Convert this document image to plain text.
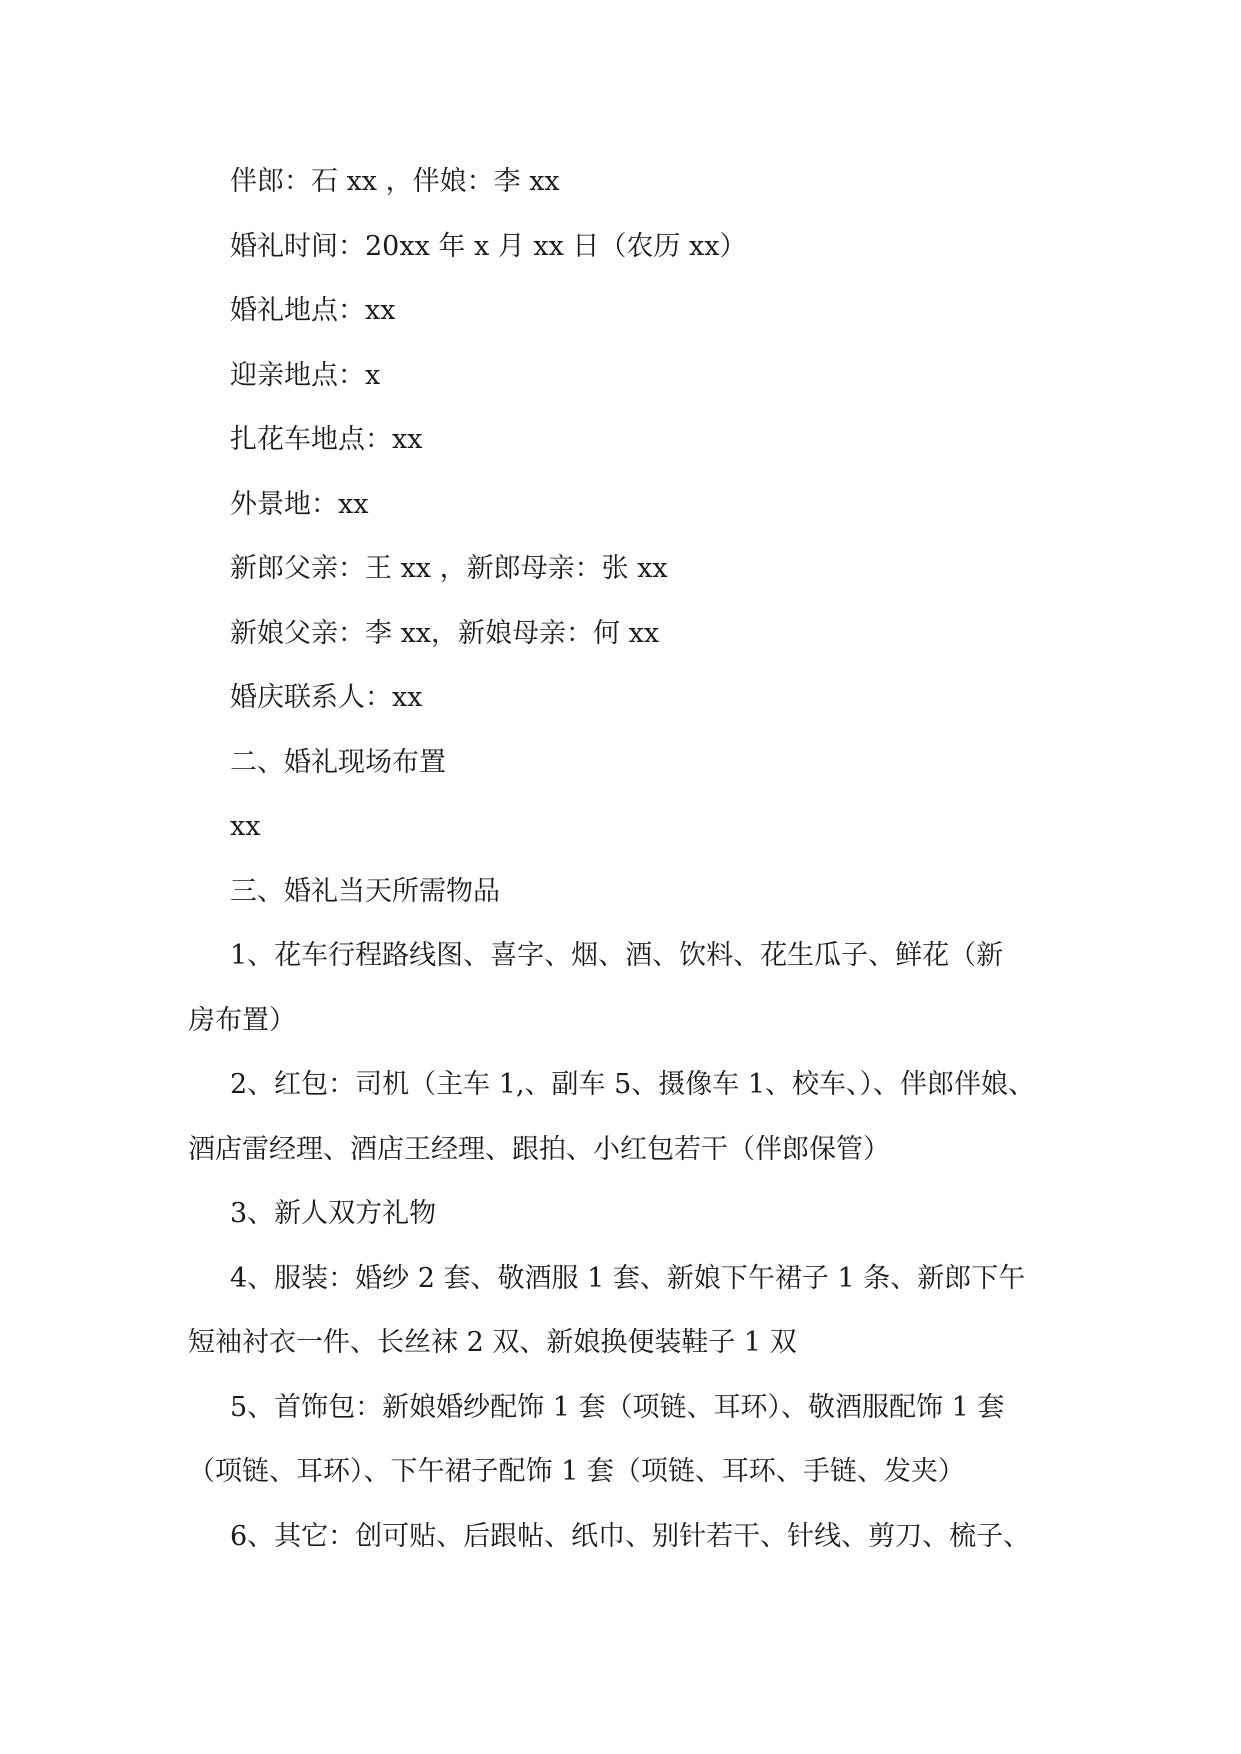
伴郎：石 xx ，伴娘：李 xx

婚礼时间：20xx 年 x 月 xx 日（农历 xx）

婚礼地点：xx

迎亲地点：x

扎花车地点：xx

外景地：xx

新郎父亲：王 xx ，新郎母亲：张 xx

新娘父亲：李 xx，新娘母亲：何 xx

婚庆联系人：xx

二、婚礼现场布置

xx

三、婚礼当天所需物品

1、花车行程路线图、喜字、烟、酒、饮料、花生瓜子、鲜花（新

房布置）

2、红包：司机（主车 1,、副车 5、摄像车 1、校车、）、伴郎伴娘、

酒店雷经理、酒店王经理、跟拍、小红包若干（伴郎保管）

3、新人双方礼物

4、服装：婚纱 2 套、敬酒服 1 套、新娘下午裙子 1 条、新郎下午

短袖衬衣一件、长丝袜 2 双、新娘换便装鞋子 1 双

5、首饰包：新娘婚纱配饰 1 套（项链、耳环）、敬酒服配饰 1 套

（项链、耳环）、下午裙子配饰 1 套（项链、耳环、手链、发夹）

6、其它：创可贴、后跟帖、纸巾、别针若干、针线、剪刀、梳子、
